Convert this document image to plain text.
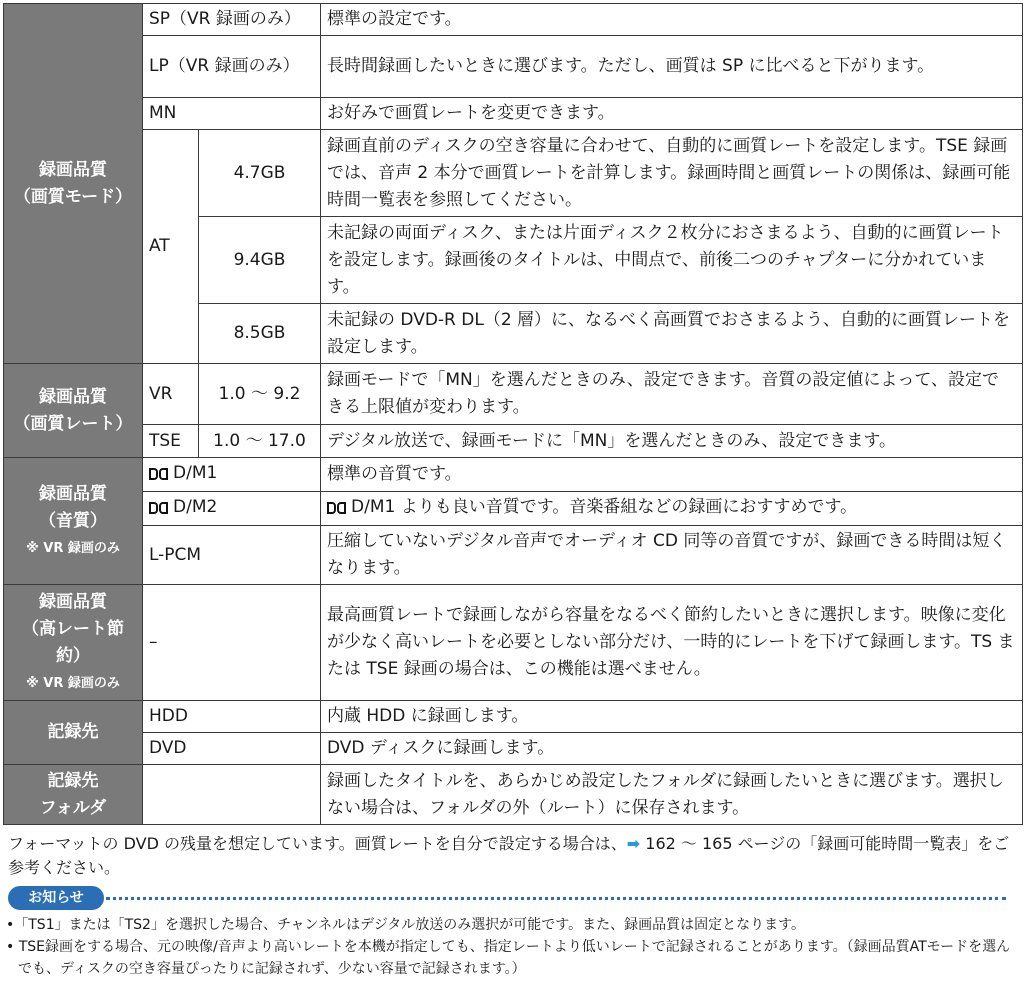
録画品質
（画質モード）	SP（VR 録画のみ）		標準の設定です。
	LP（VR 録画のみ）		長時間録画したいときに選びます。ただし、画質は SP に比べると下がります。
	MN		お好みで画質レートを変更できます。
	AT	4.7GB	録画直前のディスクの空き容量に合わせて、自動的に画質レートを設定します。TSE 録画では、音声 2 本分で画質レートを計算します。録画時間と画質レートの関係は、録画可能時間一覧表を参照してください。
		9.4GB	未記録の両面ディスク、または片面ディスク２枚分におさまるよう、自動的に画質レートを設定します。録画後のタイトルは、中間点で、前後二つのチャプターに分かれています。
		8.5GB	未記録の DVD-R DL（2 層）に、なるべく高画質でおさまるよう、自動的に画質レートを設定します。

録画品質
（画質レート）	VR	1.0 ～ 9.2	録画モードで「MN」を選んだときのみ、設定できます。音質の設定値によって、設定できる上限値が変わります。
	TSE	1.0 ～ 17.0	デジタル放送で、録画モードに「MN」を選んだときのみ、設定できます。
録画品質
（音質）

※ VR 録画のみ	D/M1		標準の音質です。
	D/M2		D/M1 よりも良い音質です。音楽番組などの録画におすすめです。
	L-PCM		圧縮していないデジタル音声でオーディオ CD 同等の音質ですが、録画できる時間は短くなります。
録画品質
（高レート節約）

※ VR 録画のみ	–		最高画質レートで録画しながら容量をなるべく節約したいときに選択します。映像に変化が少なく高いレートを必要としない部分だけ、一時的にレートを下げて録画します。TS または TSE 録画の場合は、この機能は選べません。
記録先	HDD		内蔵 HDD に録画します。
	DVD		DVD ディスクに録画します。
記録先
フォルダ			録画したタイトルを、あらかじめ設定したフォルダに録画したいときに選びます。選択しない場合は、フォルダの外（ルート）に保存されます。
フォーマットの DVD の残量を想定しています。画質レートを自分で設定する場合は、➡ 162 ～ 165 ページの「録画可能時間一覧表」をご参考ください。
お知らせ
•「TS1」または「TS2」を選択した場合、チャンネルはデジタル放送のみ選択が可能です。また、録画品質は固定となります。
• TSE録画をする場合、元の映像/音声より高いレートを本機が指定しても、指定レートより低いレートで記録されることがあります。（録画品質ATモードを選んでも、ディスクの空き容量ぴったりに記録されず、少ない容量で記録されます。）
